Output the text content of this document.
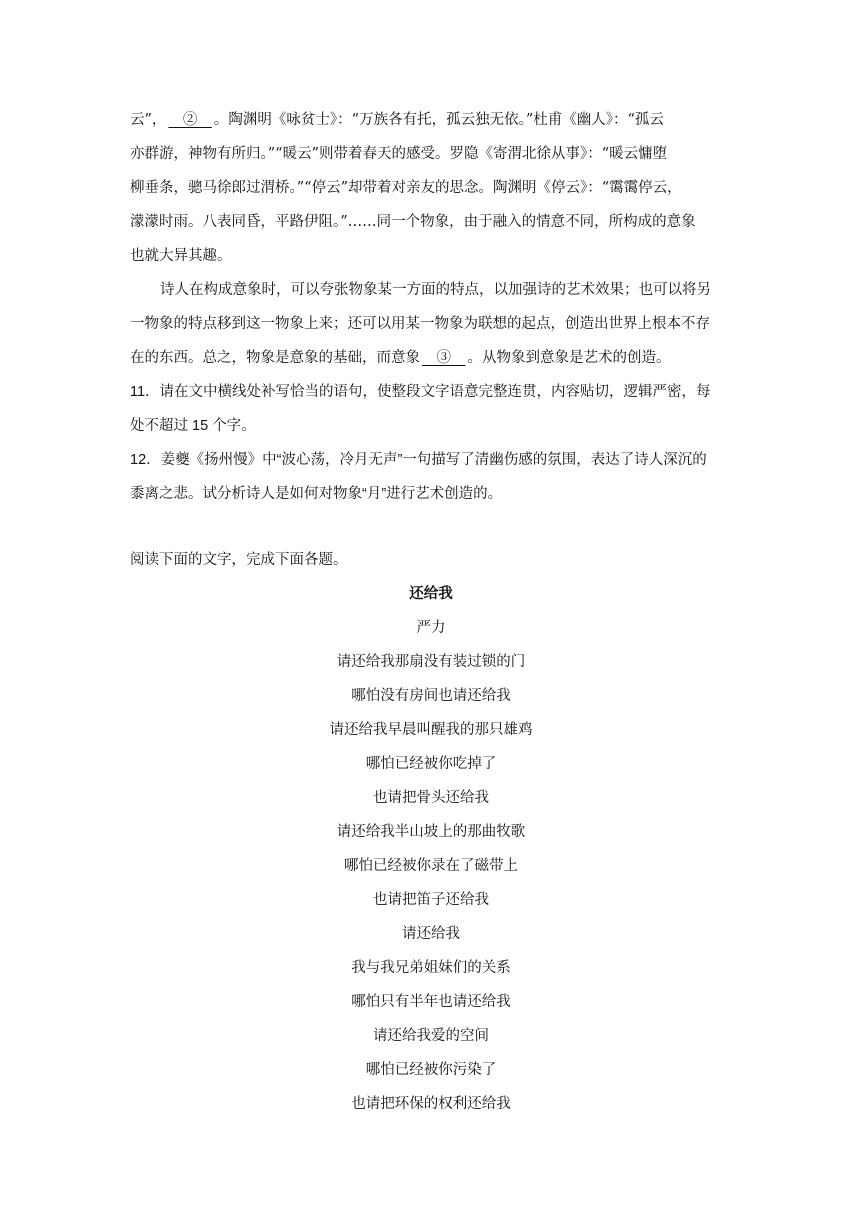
云”，　②　。陶渊明《咏贫士》：“万族各有托，孤云独无依。”杜甫《幽人》：“孤云
亦群游，神物有所归。”“暖云”则带着春天的感受。罗隐《寄渭北徐从事》：“暖云慵堕
柳垂条，骢马徐郎过渭桥。”“停云”却带着对亲友的思念。陶渊明《停云》：“霭霭停云，
濛濛时雨。八表同昏，平路伊阻。”……同一个物象，由于融入的情意不同，所构成的意象
也就大异其趣。
诗人在构成意象时，可以夸张物象某一方面的特点，以加强诗的艺术效果；也可以将另
一物象的特点移到这一物象上来；还可以用某一物象为联想的起点，创造出世界上根本不存
在的东西。总之，物象是意象的基础，而意象　③　。从物象到意象是艺术的创造。
11．请在文中横线处补写恰当的语句，使整段文字语意完整连贯，内容贴切，逻辑严密，每
处不超过 15 个字。
12．姜夔《扬州慢》中“波心荡，冷月无声”一句描写了清幽伤感的氛围，表达了诗人深沉的
黍离之悲。试分析诗人是如何对物象“月”进行艺术创造的。
阅读下面的文字，完成下面各题。
还给我
严力
请还给我那扇没有装过锁的门
哪怕没有房间也请还给我
请还给我早晨叫醒我的那只雄鸡
哪怕已经被你吃掉了
也请把骨头还给我
请还给我半山坡上的那曲牧歌
哪怕已经被你录在了磁带上
也请把笛子还给我
请还给我
我与我兄弟姐妹们的关系
哪怕只有半年也请还给我
请还给我爱的空间
哪怕已经被你污染了
也请把环保的权利还给我
